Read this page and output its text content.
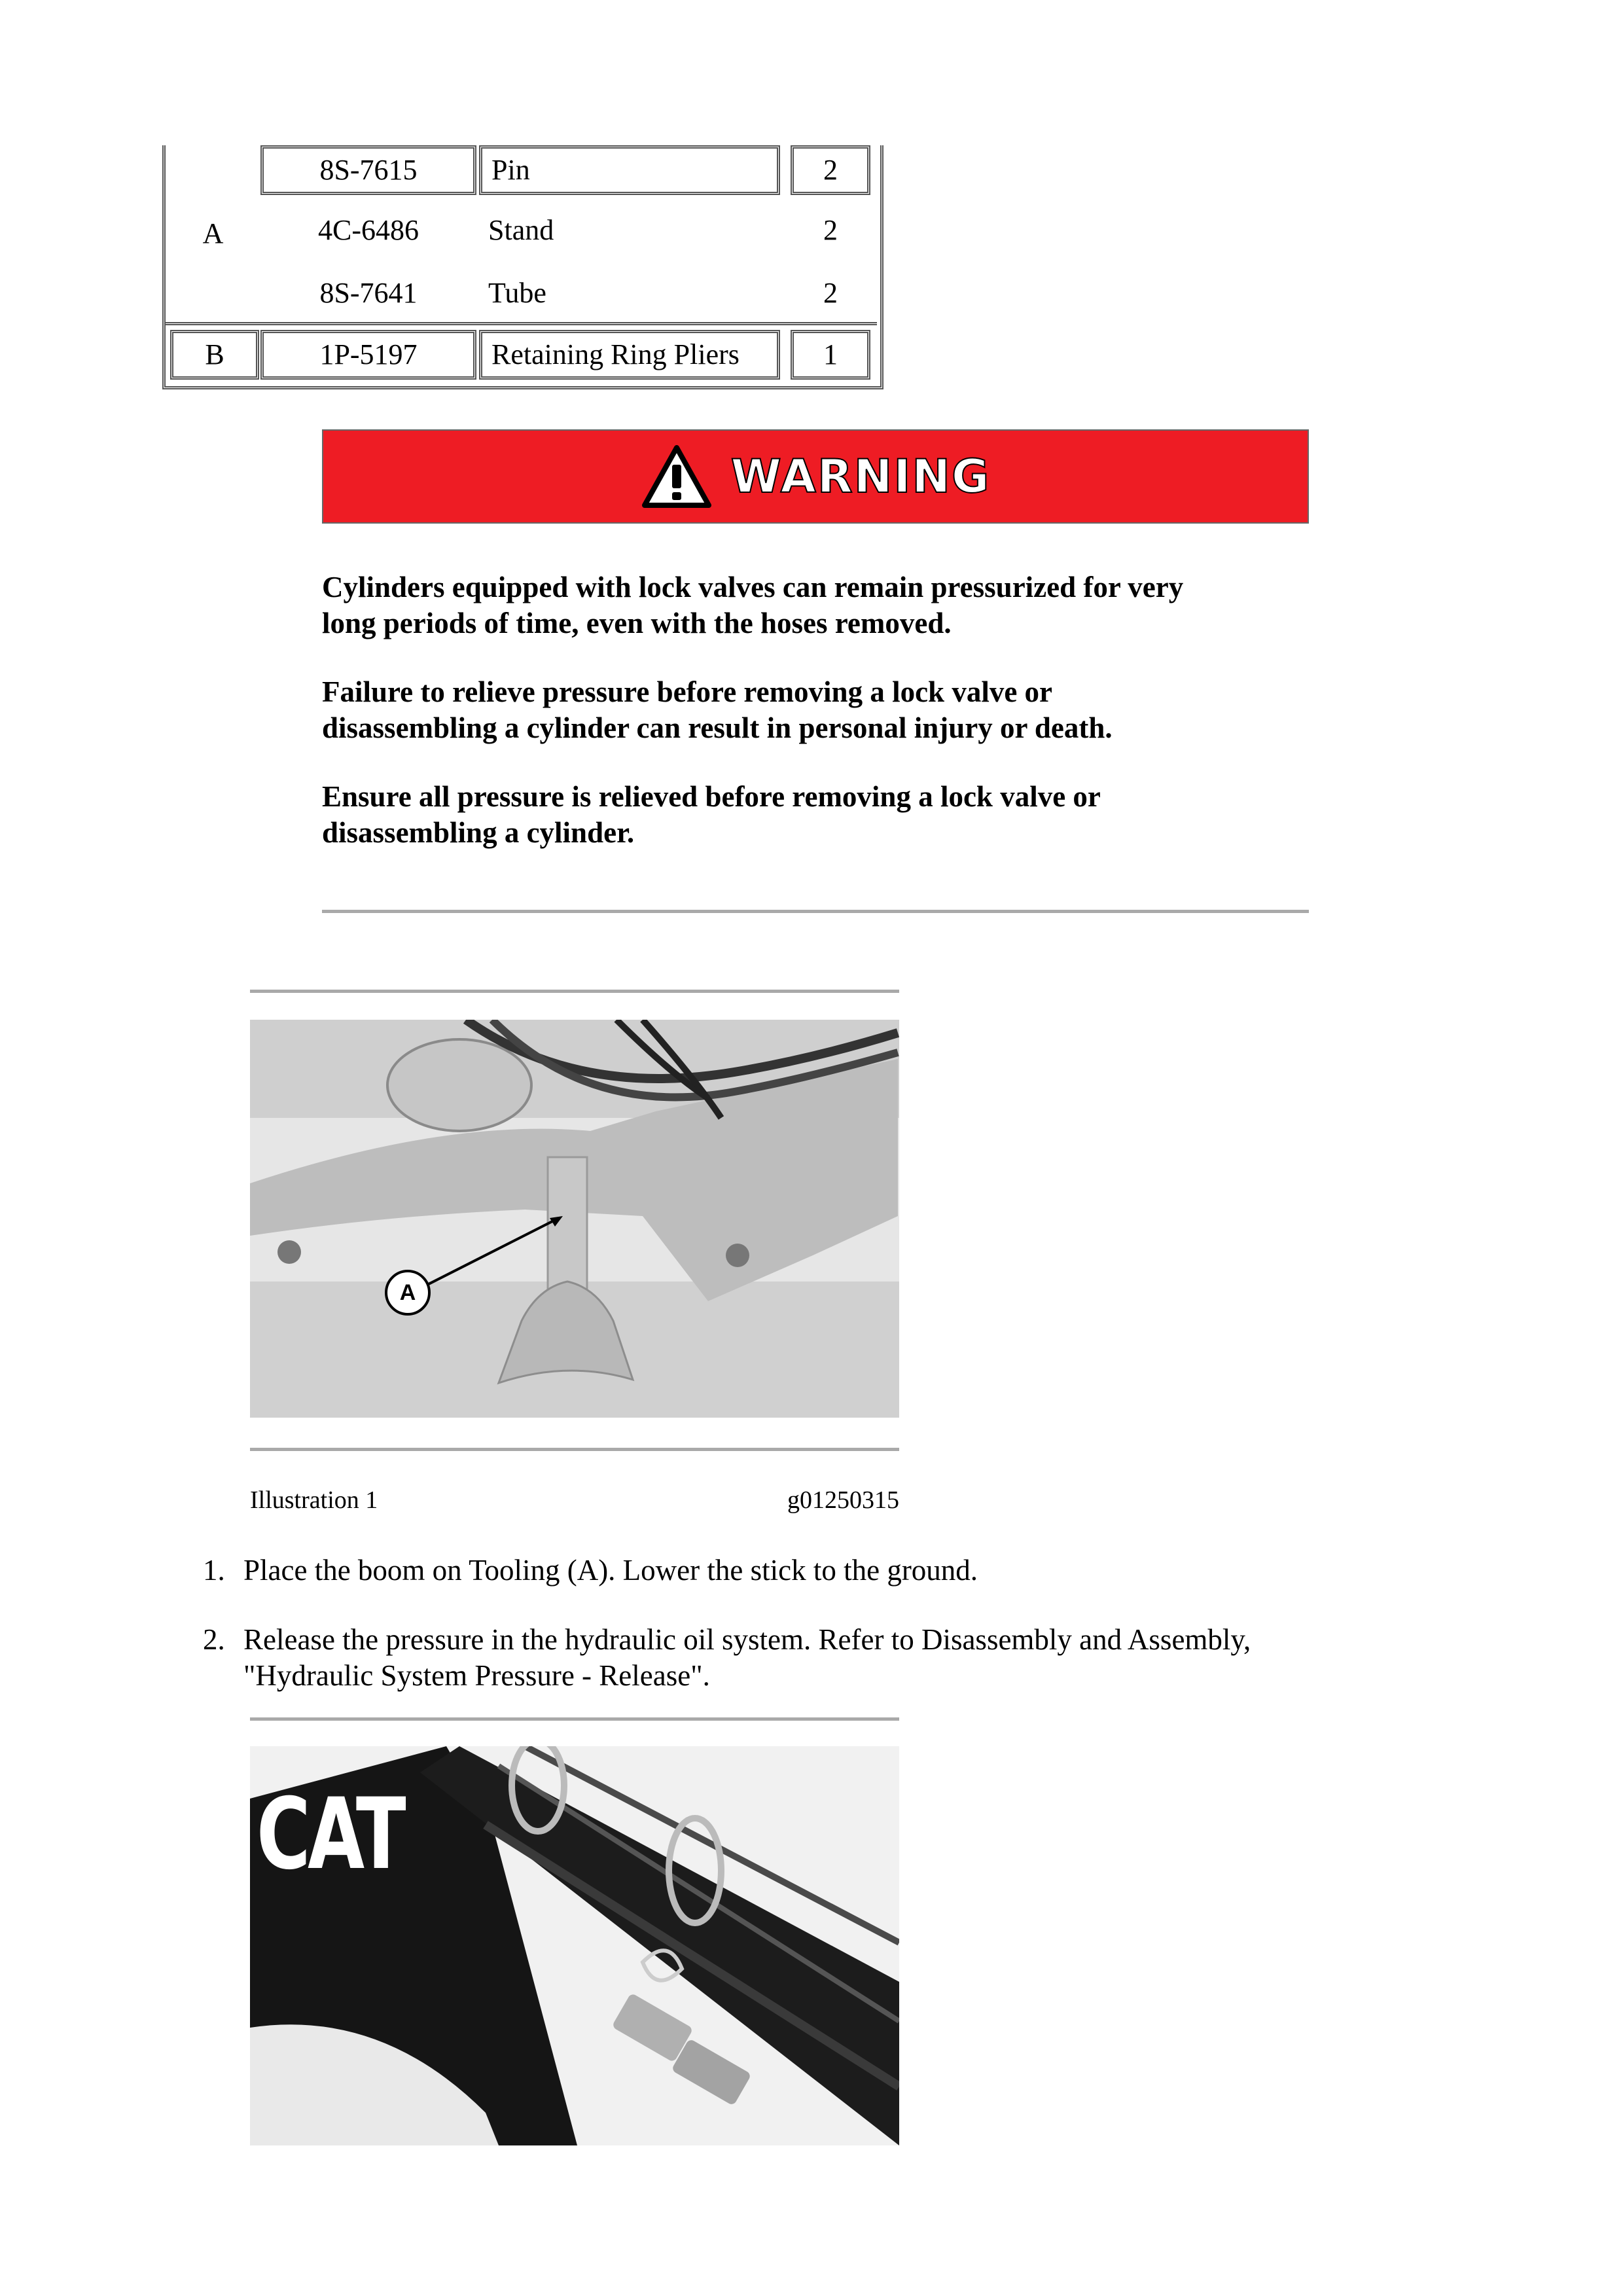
A
8S-7615	Pin	2
4C-6486	Stand	2
8S-7641	Tube	2
B	1P-5197	Retaining Ring Pliers	1
WARNING
Cylinders equipped with lock valves can remain pressurized for very
long periods of time, even with the hoses removed.
Failure to relieve pressure before removing a lock valve or
disassembling a cylinder can result in personal injury or death.
Ensure all pressure is relieved before removing a lock valve or
disassembling a cylinder.
A
Illustration 1	g01250315
1. Place the boom on Tooling (A). Lower the stick to the ground.
2. Release the pressure in the hydraulic oil system. Refer to Disassembly and Assembly,
"Hydraulic System Pressure - Release".
CAT
